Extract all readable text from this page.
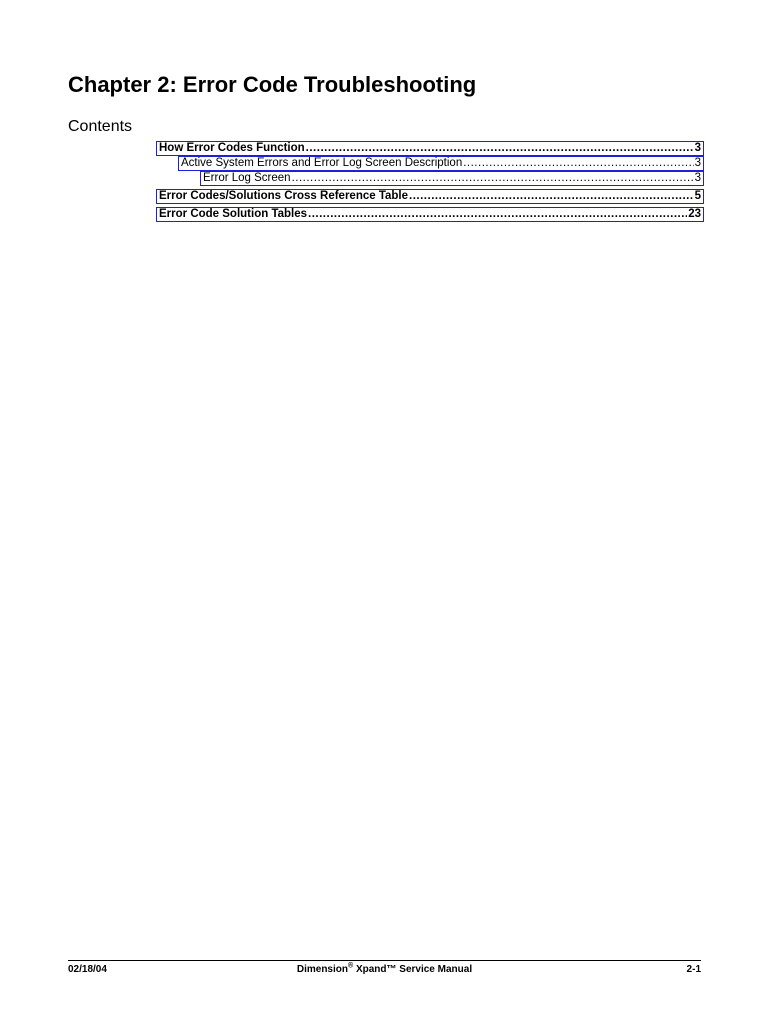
Chapter 2: Error Code Troubleshooting
Contents
How Error Codes Function .....	3
Active System Errors and Error Log Screen Description .....	3
Error Log Screen .....	3
Error Codes/Solutions Cross Reference Table .....	5
Error Code Solution Tables .....	23
02/18/04	Dimension® Xpand™ Service Manual	2-1
